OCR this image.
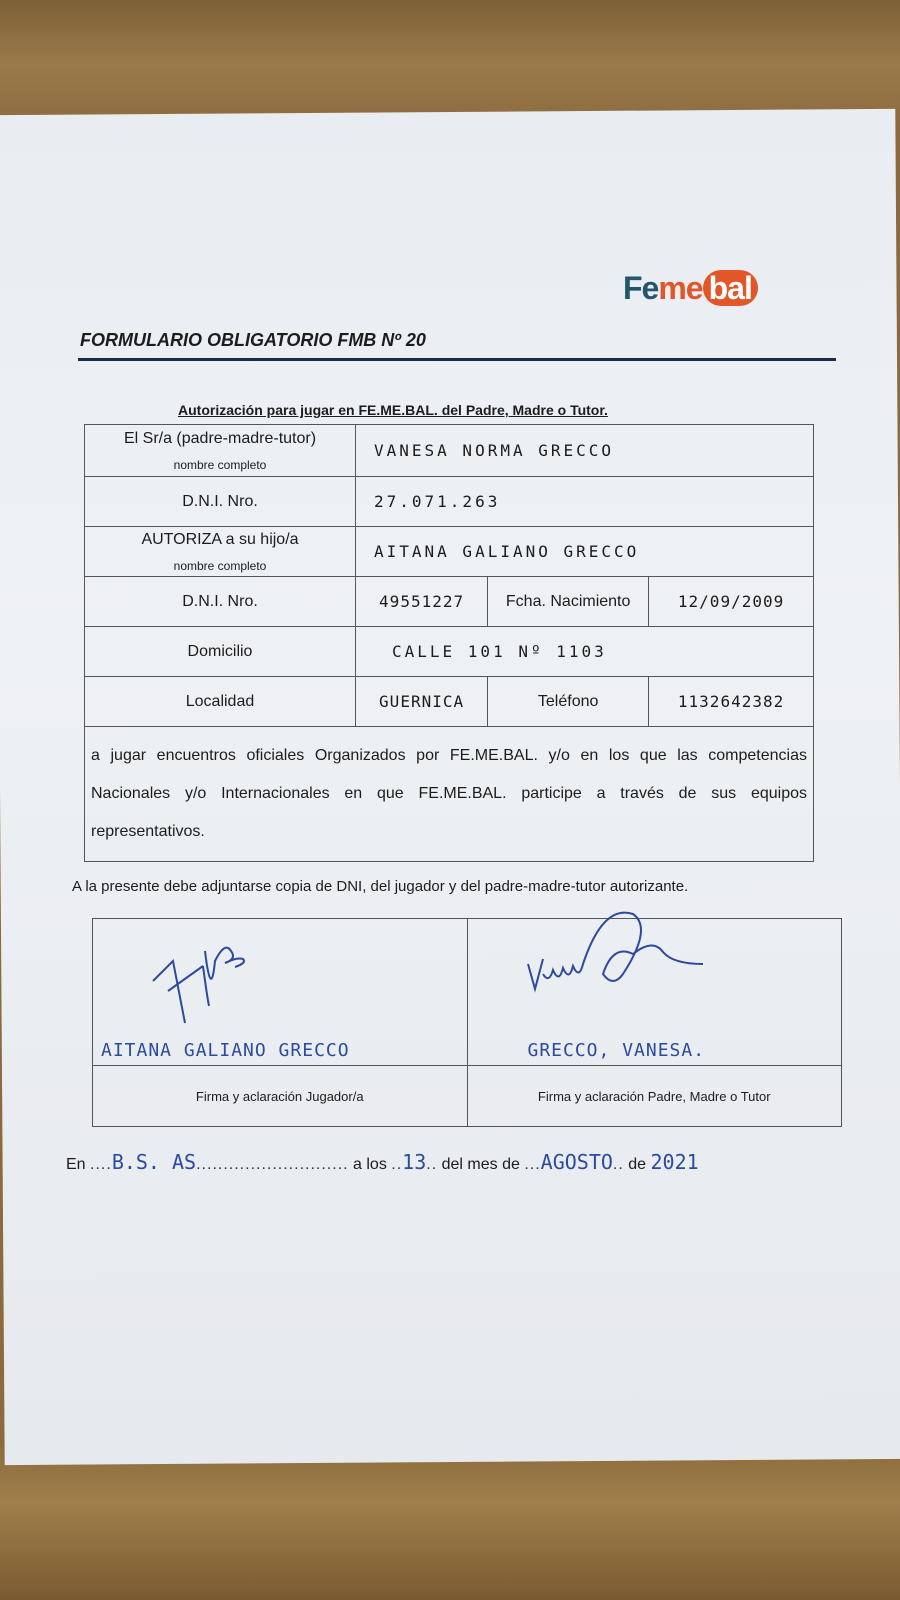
Feme bal
FORMULARIO OBLIGATORIO FMB Nº 20
Autorización para jugar en FE.ME.BAL. del Padre, Madre o Tutor.
El Sr/a (padre-madre-tutor)
nombre completo	VANESA NORMA GRECCO		
D.N.I. Nro.	27.071.263		
AUTORIZA a su hijo/a
nombre completo	AITANA GALIANO GRECCO		
D.N.I. Nro.	49551227	Fcha. Nacimiento	12/09/2009
Domicilio	CALLE 101 Nº 1103		
Localidad	GUERNICA	Teléfono	1132642382
a jugar encuentros oficiales Organizados por FE.ME.BAL. y/o en los que las competencias Nacionales y/o Internacionales en que FE.ME.BAL. participe a través de sus equipos representativos.			
A la presente debe adjuntarse copia de DNI, del jugador y del padre-madre-tutor autorizante.
AITANA GALIANO GRECCO	GRECCO, VANESA.

Firma y aclaración Jugador/a	Firma y aclaración Padre, Madre o Tutor
En ....B.S. AS............................ a los ..13.. del mes de ...AGOSTO.. de 2021
